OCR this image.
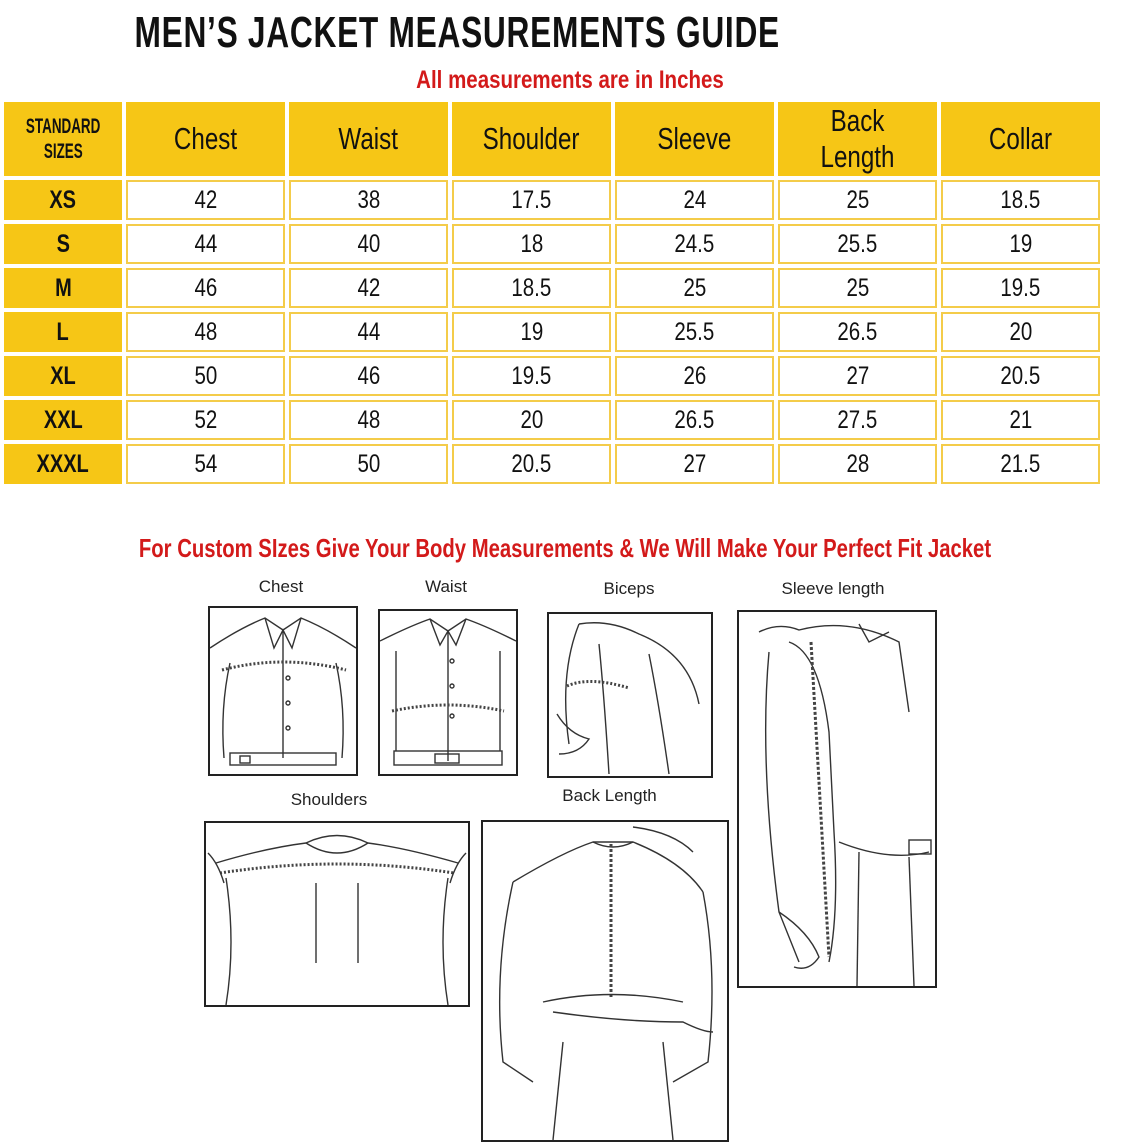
MEN’S JACKET MEASUREMENTS GUIDE
All measurements are in Inches
STANDARD
SIZES	Chest	Waist	Shoulder	Sleeve	Back Length	Collar
XS	42	38	17.5	24	25	18.5
S	44	40	18	24.5	25.5	19
M	46	42	18.5	25	25	19.5
L	48	44	19	25.5	26.5	20
XL	50	46	19.5	26	27	20.5
XXL	52	48	20	26.5	27.5	21
XXXL	54	50	20.5	27	28	21.5
For Custom SIzes Give Your Body Measurements & We Will Make Your Perfect Fit Jacket
Chest	Waist	Biceps	Sleeve length
Shoulders	Back Length
